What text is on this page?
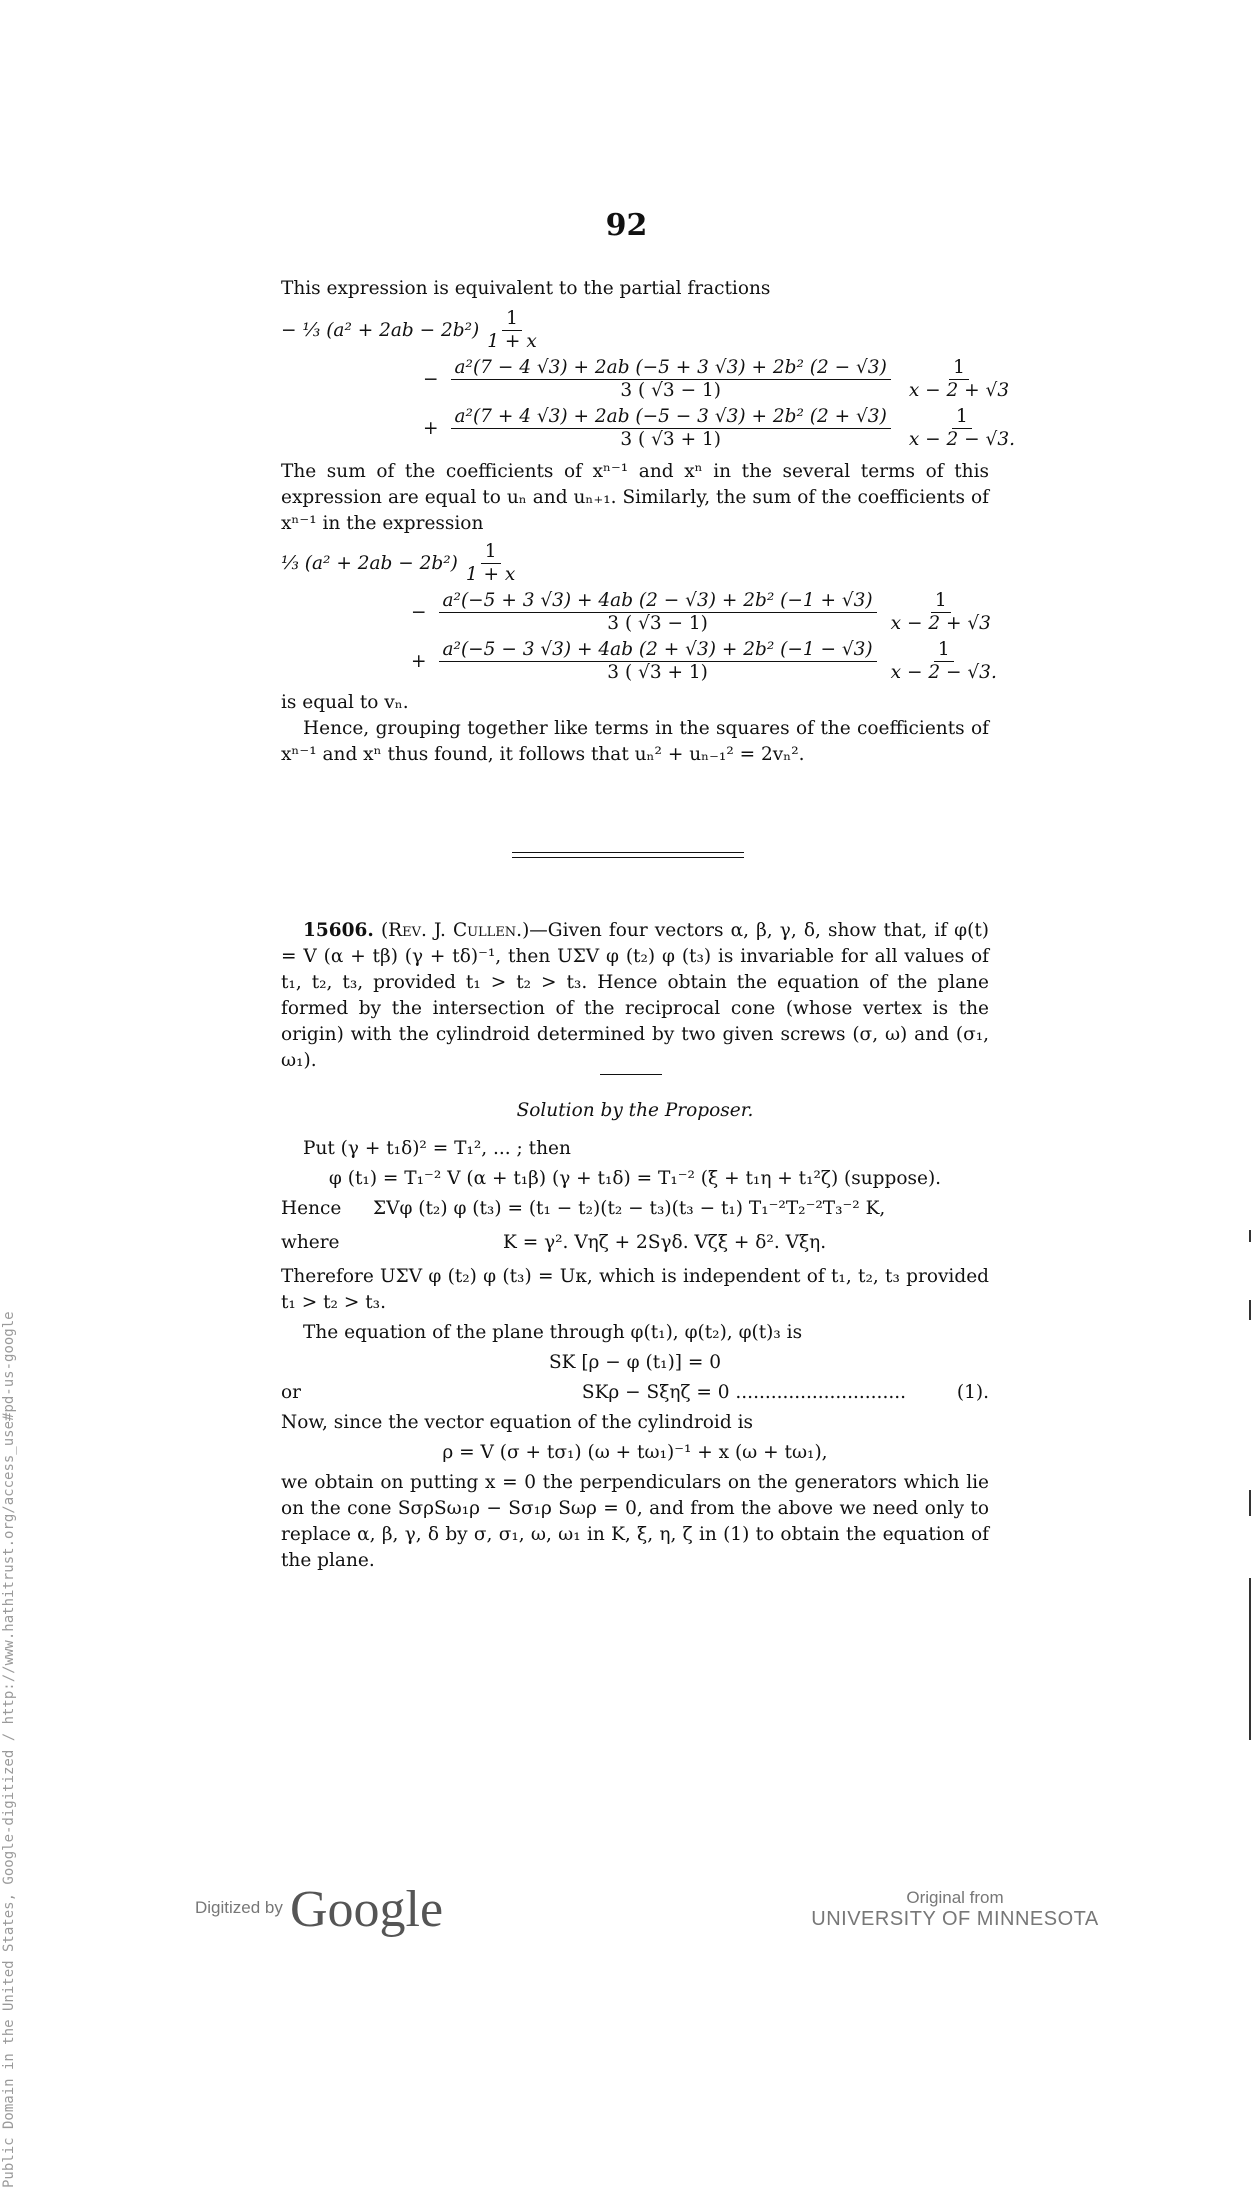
92

This expression is equivalent to the partial fractions

− ⅓ $(a^2 + 2ab - 2b^2) \frac{1}{1 + x}$
− $\frac{\text{a²(7 − 4 √3) + 2ab (−5 + 3 √3) + 2b² (2 − √3)}}{3 ( √3 - 1)} \frac{1}{x - 2 + √3}$
+ $\frac{\text{a²(7 + 4 √3) + 2ab (−5 − 3 √3) + 2b² (2 + √3)}}{3 ( √3 + 1)} \frac{1}{x - 2 - √3.}$

The sum of the coefficients of xⁿ⁻¹ and xⁿ in the several terms of this expression are equal to uₙ and uₙ₊₁. Similarly, the sum of the coefficients of xⁿ⁻¹ in the expression

⅓ $(a^2 + 2ab - 2b^2) \frac{1}{1 + x}$
− $\frac{\text{a²(−5 + 3 √3) + 4ab (2 − √3) + 2b² (−1 + √3)}}{3 ( √3 - 1)} \frac{1}{x - 2 + √3}$
+ $\frac{\text{a²(−5 − 3 √3) + 4ab (2 + √3) + 2b² (−1 − √3)}}{3 ( √3 + 1)} \frac{1}{x - 2 - √3.}$

is equal to vₙ.

Hence, grouping together like terms in the squares of the coefficients of xⁿ⁻¹ and xⁿ thus found, it follows that uₙ² + uₙ₋₁² = 2vₙ².

15606. (Rev. J. Cullen.)—Given four vectors α, β, γ, δ, show that, if φ(t) = V (α + tβ) (γ + tδ)⁻¹, then UΣV φ (t₂) φ (t₃) is invariable for all values of t₁, t₂, t₃, provided t₁ > t₂ > t₃. Hence obtain the equation of the plane formed by the intersection of the reciprocal cone (whose vertex is the origin) with the cylindroid determined by two given screws (σ, ω) and (σ₁, ω₁).

Solution by the Proposer.

Put (γ + t₁δ)² = T₁², ... ; then

φ (t₁) = T₁⁻² V (α + t₁β) (γ + t₁δ) = T₁⁻² (ξ + t₁η + t₁²ζ) (suppose).

Hence	ΣVφ (t₂) φ (t₃) = (t₁ − t₂)(t₂ − t₃)(t₃ − t₁) T₁⁻²T₂⁻²T₃⁻² K,
where	K = γ². Vηζ + 2Sγδ. Vζξ + δ². Vξη.

Therefore UΣV φ (t₂) φ (t₃) = Uκ, which is independent of t₁, t₂, t₃ provided t₁ > t₂ > t₃.

The equation of the plane through φ(t₁), φ(t₂), φ(t)₃ is

SK [ρ − φ (t₁)] = 0

or	SKρ − Sξηζ = 0 .............................	(1).

Now, since the vector equation of the cylindroid is

ρ = V (σ + tσ₁) (ω + tω₁)⁻¹ + x (ω + tω₁),

we obtain on putting x = 0 the perpendiculars on the generators which lie on the cone SσρSω₁ρ − Sσ₁ρ Sωρ = 0, and from the above we need only to replace α, β, γ, δ by σ, σ₁, ω, ω₁ in K, ξ, η, ζ in (1) to obtain the equation of the plane.

Public Domain in the United States, Google-digitized / http://www.hathitrust.org/access_use#pd-us-google	Digitized by Google	Original from
UNIVERSITY OF MINNESOTA
